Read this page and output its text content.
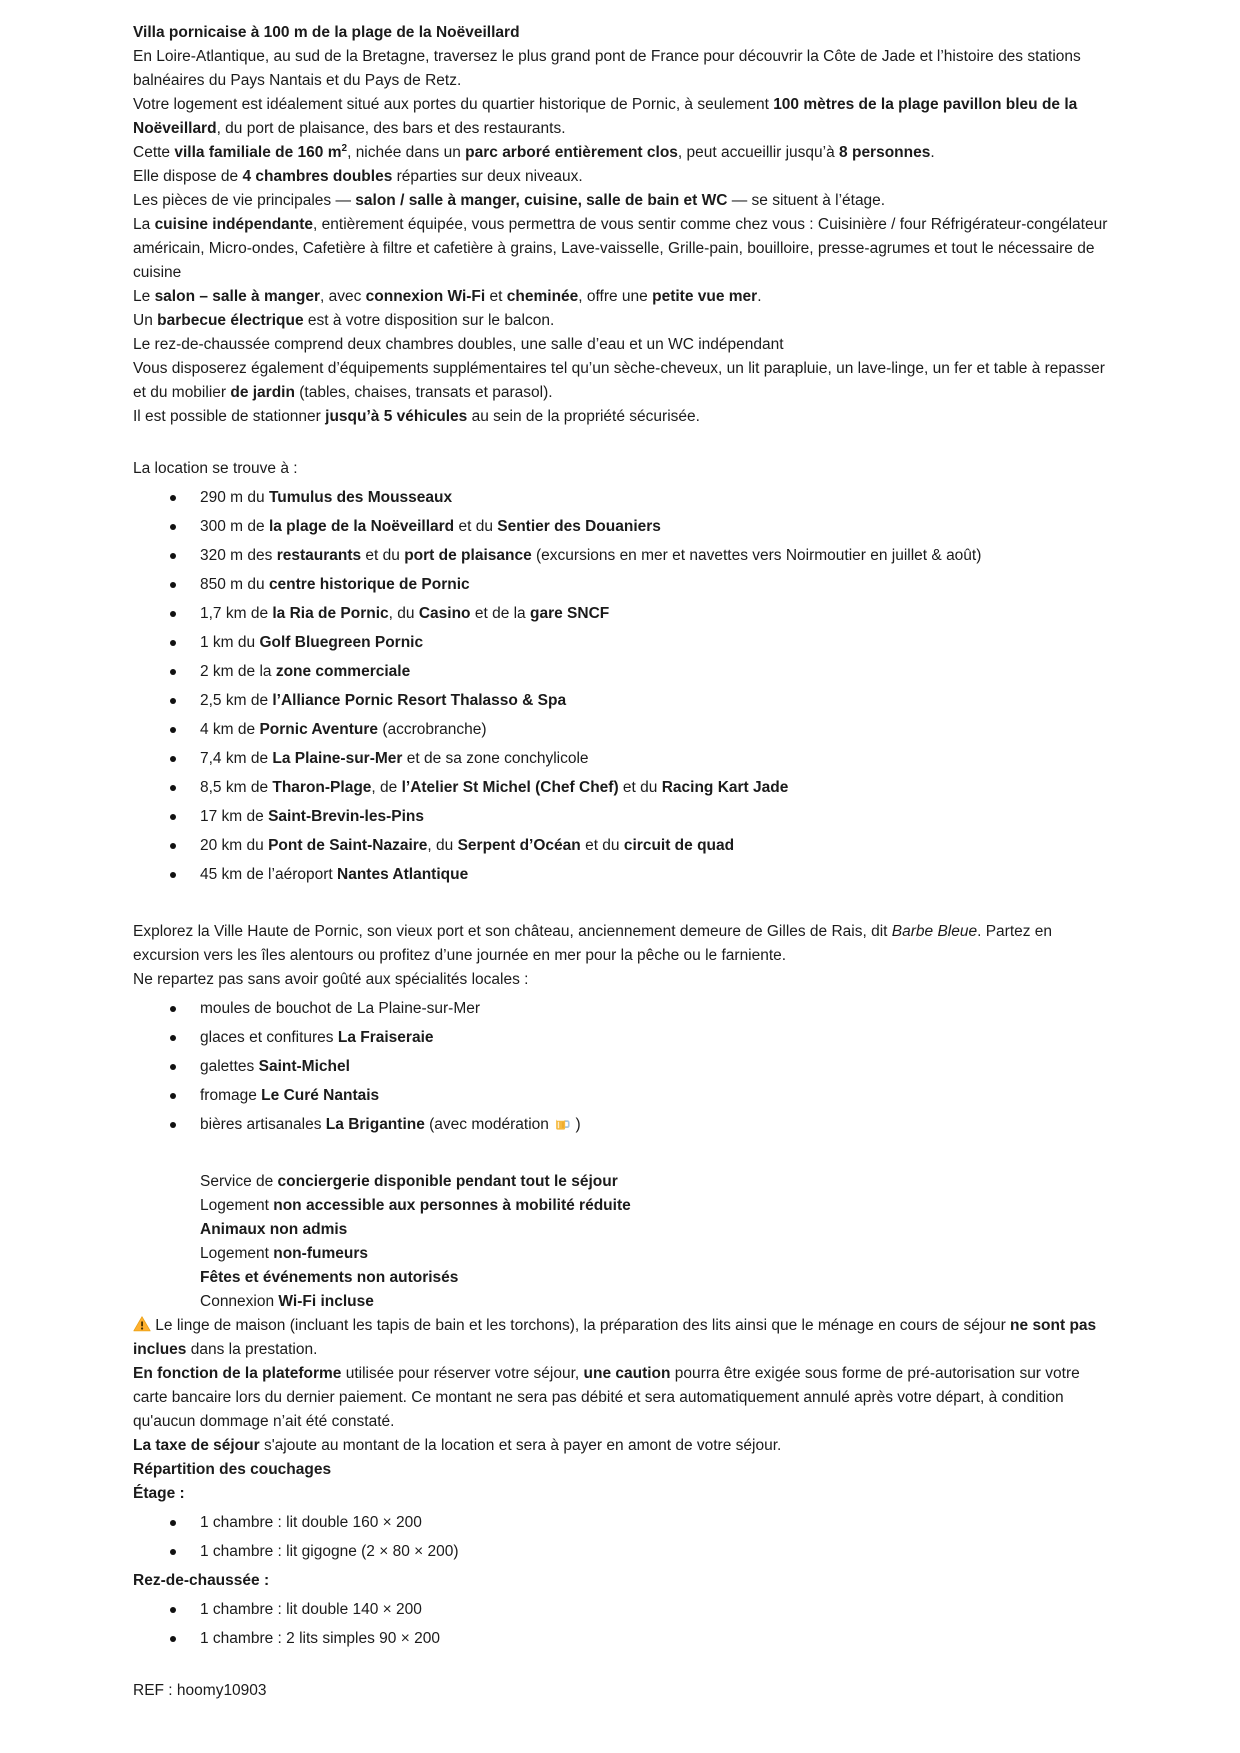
Villa pornicaise à 100 m de la plage de la Noëveillard

En Loire-Atlantique, au sud de la Bretagne, traversez le plus grand pont de France pour découvrir la Côte de Jade et l’histoire des stations balnéaires du Pays Nantais et du Pays de Retz.

Votre logement est idéalement situé aux portes du quartier historique de Pornic, à seulement 100 mètres de la plage pavillon bleu de la Noëveillard, du port de plaisance, des bars et des restaurants.

Cette villa familiale de 160 $m^2$, nichée dans un parc arboré entièrement clos, peut accueillir jusqu’à 8 personnes.

Elle dispose de 4 chambres doubles réparties sur deux niveaux.

Les pièces de vie principales — salon / salle à manger, cuisine, salle de bain et WC — se situent à l’étage.

La cuisine indépendante, entièrement équipée, vous permettra de vous sentir comme chez vous : Cuisinière / four Réfrigérateur-congélateur américain, Micro-ondes, Cafetière à filtre et cafetière à grains, Lave-vaisselle, Grille-pain, bouilloire, presse-agrumes et tout le nécessaire de cuisine

Le salon – salle à manger, avec connexion Wi-Fi et cheminée, offre une petite vue mer.

Un barbecue électrique est à votre disposition sur le balcon.

Le rez-de-chaussée comprend deux chambres doubles, une salle d’eau et un WC indépendant

Vous disposerez également d’équipements supplémentaires tel qu’un sèche-cheveux, un lit parapluie, un lave-linge, un fer et table à repasser et du mobilier de jardin (tables, chaises, transats et parasol).

Il est possible de stationner jusqu’à 5 véhicules au sein de la propriété sécurisée.

La location se trouve à :

290 m du Tumulus des Mousseaux
300 m de la plage de la Noëveillard et du Sentier des Douaniers
320 m des restaurants et du port de plaisance (excursions en mer et navettes vers Noirmoutier en juillet & août)
850 m du centre historique de Pornic
1,7 km de la Ria de Pornic, du Casino et de la gare SNCF
1 km du Golf Bluegreen Pornic
2 km de la zone commerciale
2,5 km de l’Alliance Pornic Resort Thalasso & Spa
4 km de Pornic Aventure (accrobranche)
7,4 km de La Plaine-sur-Mer et de sa zone conchylicole
8,5 km de Tharon-Plage, de l’Atelier St Michel (Chef Chef) et du Racing Kart Jade
17 km de Saint-Brevin-les-Pins
20 km du Pont de Saint-Nazaire, du Serpent d’Océan et du circuit de quad
45 km de l’aéroport Nantes Atlantique

Explorez la Ville Haute de Pornic, son vieux port et son château, anciennement demeure de Gilles de Rais, dit Barbe Bleue. Partez en excursion vers les îles alentours ou profitez d’une journée en mer pour la pêche ou le farniente.

Ne repartez pas sans avoir goûté aux spécialités locales :

moules de bouchot de La Plaine-sur-Mer
glaces et confitures La Fraiseraie
galettes Saint-Michel
fromage Le Curé Nantais
bières artisanales La Brigantine (avec modération  )

Service de conciergerie disponible pendant tout le séjour

Logement non accessible aux personnes à mobilité réduite

Animaux non admis

Logement non-fumeurs

Fêtes et événements non autorisés

Connexion Wi-Fi incluse

Le linge de maison (incluant les tapis de bain et les torchons), la préparation des lits ainsi que le ménage en cours de séjour ne sont pas inclues dans la prestation.

En fonction de la plateforme utilisée pour réserver votre séjour, une caution pourra être exigée sous forme de pré-autorisation sur votre carte bancaire lors du dernier paiement. Ce montant ne sera pas débité et sera automatiquement annulé après votre départ, à condition qu'aucun dommage n’ait été constaté.

La taxe de séjour s'ajoute au montant de la location et sera à payer en amont de votre séjour.

Répartition des couchages

Étage :

1 chambre : lit double 160 × 200
1 chambre : lit gigogne (2 × 80 × 200)

Rez-de-chaussée :

1 chambre : lit double 140 × 200
1 chambre : 2 lits simples 90 × 200

REF : hoomy10903
